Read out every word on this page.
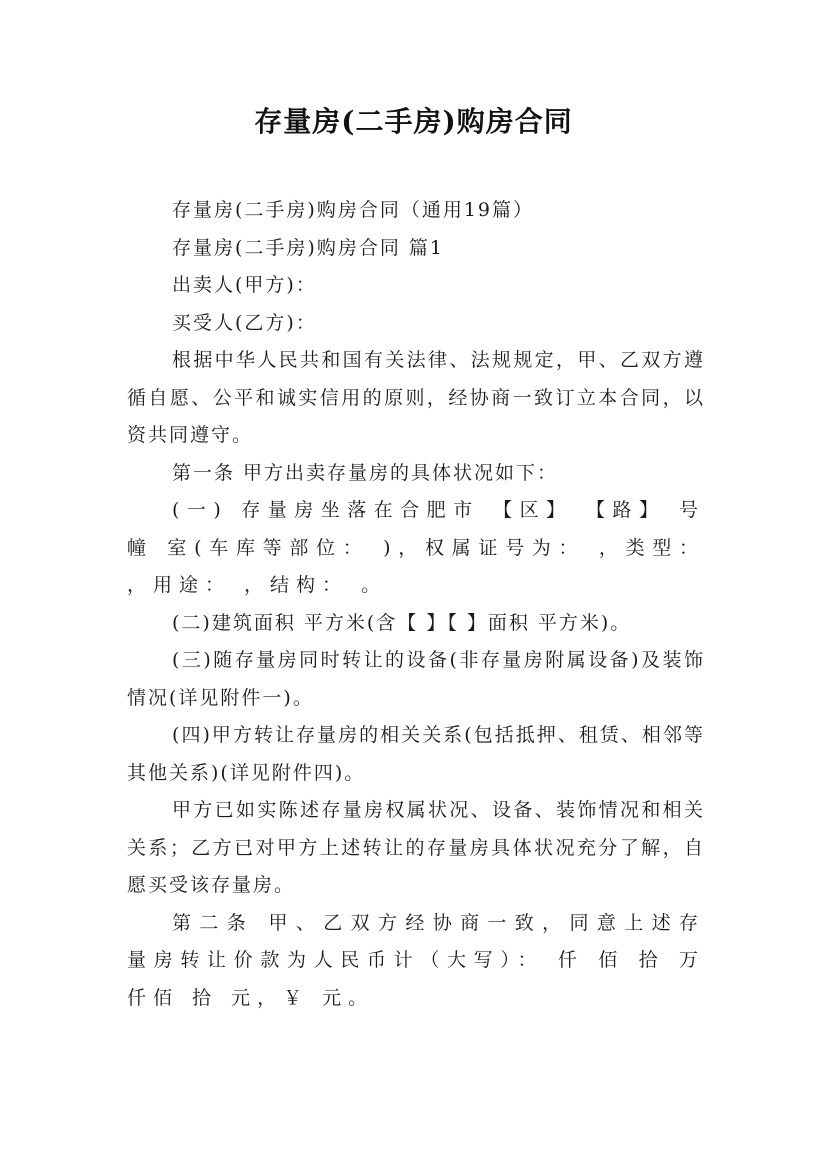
存量房(二手房)购房合同

存量房(二手房)购房合同（通用19篇）

存量房(二手房)购房合同 篇1

出卖人(甲方)：

买受人(乙方)：

根据中华人民共和国有关法律、法规规定，甲、乙双方遵循自愿、公平和诚实信用的原则，经协商一致订立本合同，以资共同遵守。

第一条 甲方出卖存量房的具体状况如下：

(一) 存量房坐落在合肥市 【区】 【路】 号 幢 室(车库等部位： )，权属证号为： ，类型： ，用途： ，结构： 。

(二)建筑面积 平方米(含【 】【 】面积 平方米)。

(三)随存量房同时转让的设备(非存量房附属设备)及装饰情况(详见附件一)。

(四)甲方转让存量房的相关关系(包括抵押、租赁、相邻等其他关系)(详见附件四)。

甲方已如实陈述存量房权属状况、设备、装饰情况和相关关系；乙方已对甲方上述转让的存量房具体状况充分了解，自愿买受该存量房。

第二条 甲、乙双方经协商一致，同意上述存量房转让价款为人民币计（大写）： 仟 佰 拾 万 仟佰 拾 元，￥ 元。
